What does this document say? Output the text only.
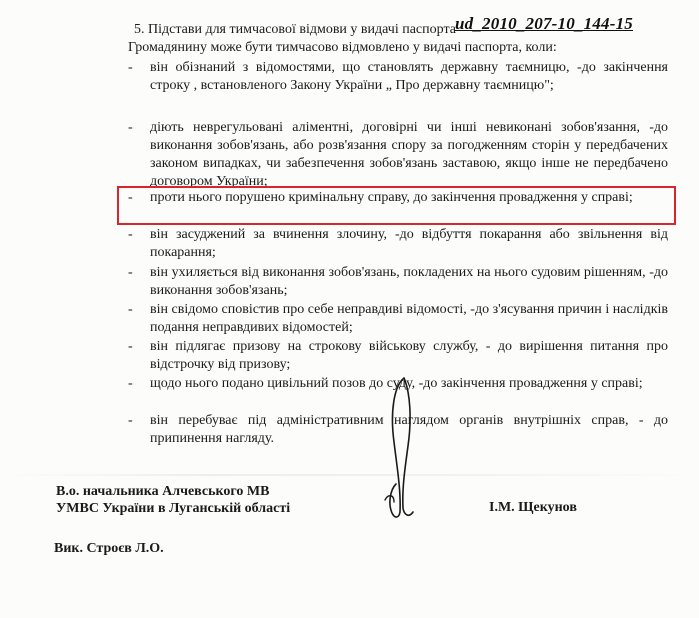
ud_2010_207-10_144-15
5. Підстави для тимчасової відмови у видачі паспорта
Громадянину може бути тимчасово відмовлено у видачі паспорта, коли:
-	він обізнаний з відомостями, що становлять державну таємницю, -до закінчення строку , встановленого Закону України „ Про державну таємницю";
-	діють неврегульовані аліментні, договірні чи інші невиконані зобов'язання, -до виконання зобов'язань, або розв'язання спору за погодженням сторін у передбачених законом випадках, чи забезпечення зобов'язань заставою, якщо інше не передбачено договором України;
-	проти нього порушено кримінальну справу, до закінчення провадження у справі;
-	він засуджений за вчинення злочину, -до відбуття покарання або звільнення від покарання;
-	він ухиляється від виконання зобов'язань, покладених на нього судовим рішенням, -до виконання зобов'язань;
-	він свідомо сповістив про себе неправдиві відомості, -до з'ясування причин і наслідків подання неправдивих відомостей;
-	він підлягає призову на строкову військову службу, - до вирішення питання про відстрочку від призову;
-	щодо нього подано цивільний позов до суду, -до закінчення провадження у справі;
-	він перебуває під адміністративним наглядом органів внутрішніх справ, - до припинення нагляду.
В.о. начальника Алчевського МВ
УМВС України в Луганській області	І.М. Щекунов
Вик. Строєв Л.О.
